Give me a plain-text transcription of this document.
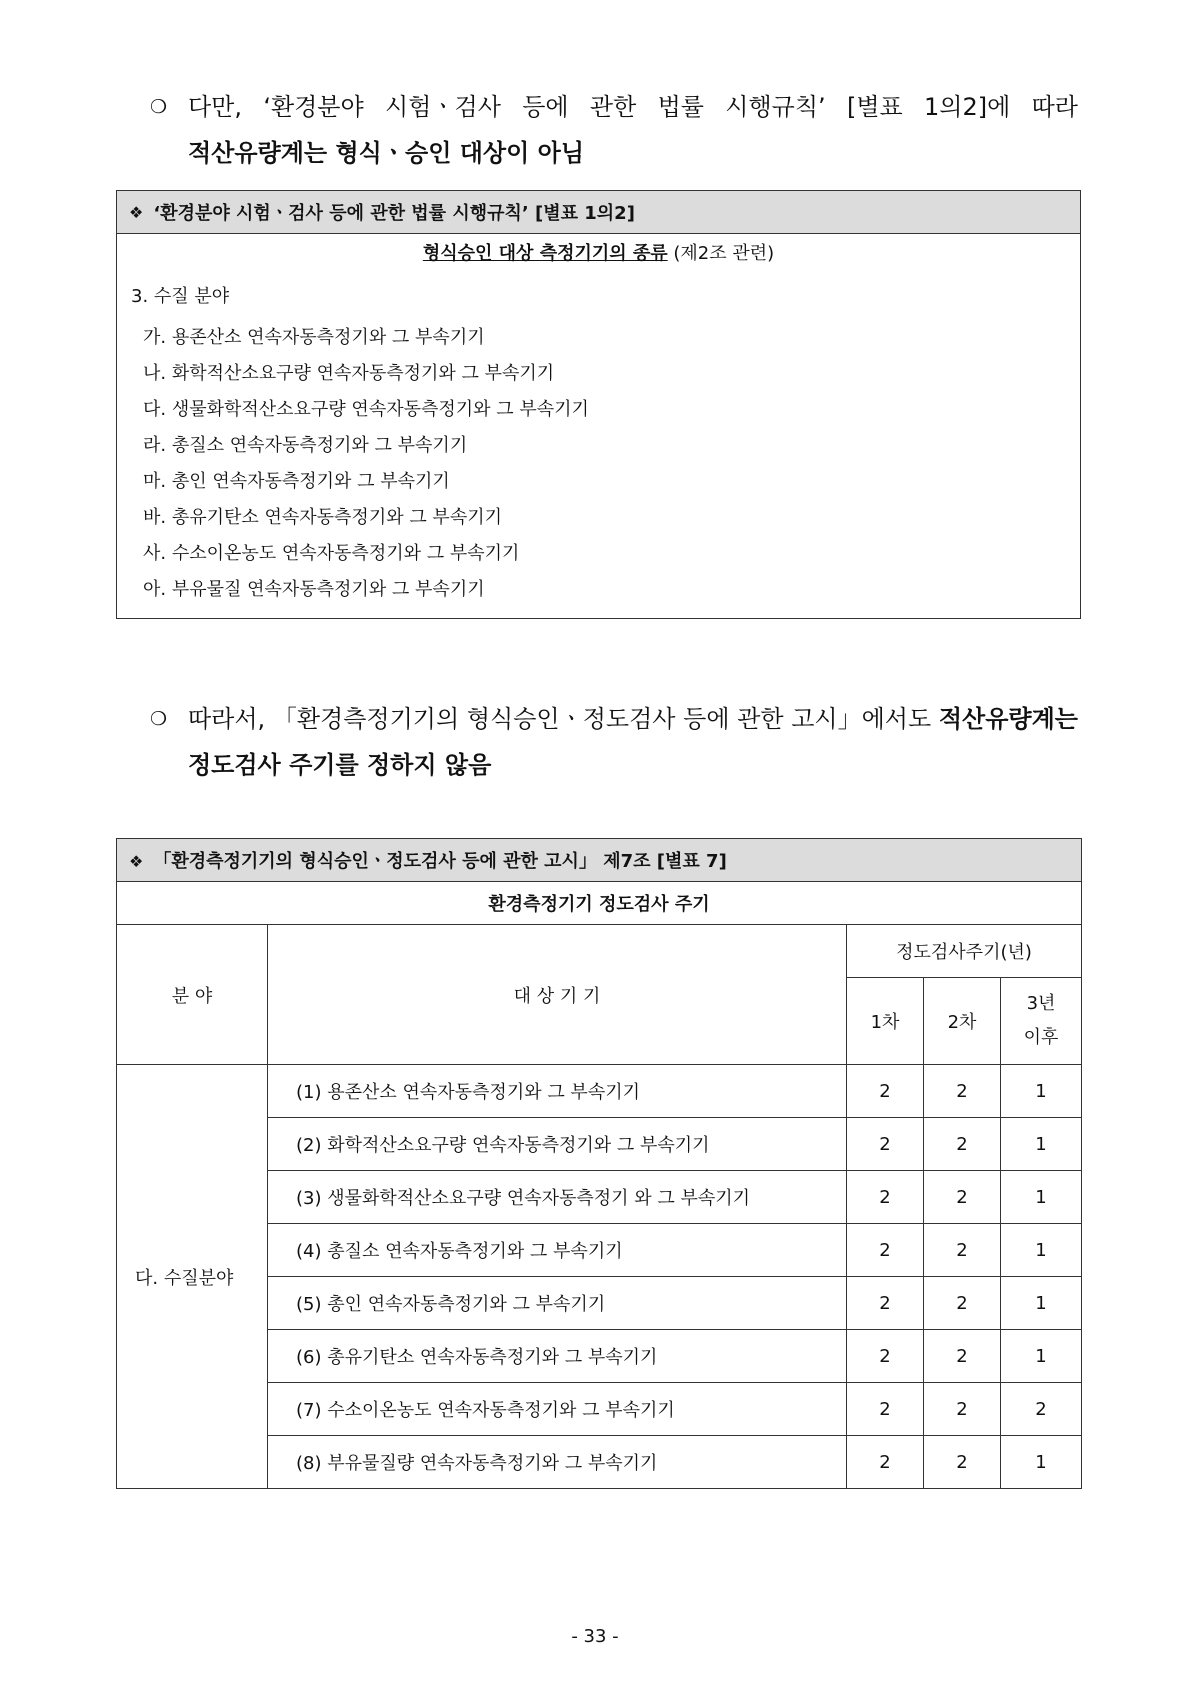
❍ 다만, ‘환경분야 시험ㆍ검사 등에 관한 법률 시행규칙’ [별표 1의2]에 따라
적산유량계는 형식ㆍ승인 대상이 아님
❖ ‘환경분야 시험ㆍ검사 등에 관한 법률 시행규칙’ [별표 1의2]
형식승인 대상 측정기기의 종류 (제2조 관련)
3. 수질 분야
가. 용존산소 연속자동측정기와 그 부속기기
나. 화학적산소요구량 연속자동측정기와 그 부속기기
다. 생물화학적산소요구량 연속자동측정기와 그 부속기기
라. 총질소 연속자동측정기와 그 부속기기
마. 총인 연속자동측정기와 그 부속기기
바. 총유기탄소 연속자동측정기와 그 부속기기
사. 수소이온농도 연속자동측정기와 그 부속기기
아. 부유물질 연속자동측정기와 그 부속기기
❍ 따라서, 「환경측정기기의 형식승인ㆍ정도검사 등에 관한 고시」에서도 적산유량계는
정도검사 주기를 정하지 않음
❖ 「환경측정기기의 형식승인ㆍ정도검사 등에 관한 고시」 제7조 [별표 7]				
환경측정기기 정도검사 주기				
분 야	대 상 기 기	정도검사주기(년)		
		1차	2차	3년
이후
다. 수질분야	(1) 용존산소 연속자동측정기와 그 부속기기	2	2	1
	(2) 화학적산소요구량 연속자동측정기와 그 부속기기	2	2	1
	(3) 생물화학적산소요구량 연속자동측정기 와 그 부속기기	2	2	1
	(4) 총질소 연속자동측정기와 그 부속기기	2	2	1
	(5) 총인 연속자동측정기와 그 부속기기	2	2	1
	(6) 총유기탄소 연속자동측정기와 그 부속기기	2	2	1
	(7) 수소이온농도 연속자동측정기와 그 부속기기	2	2	2
	(8) 부유물질량 연속자동측정기와 그 부속기기	2	2	1
- 33 -
